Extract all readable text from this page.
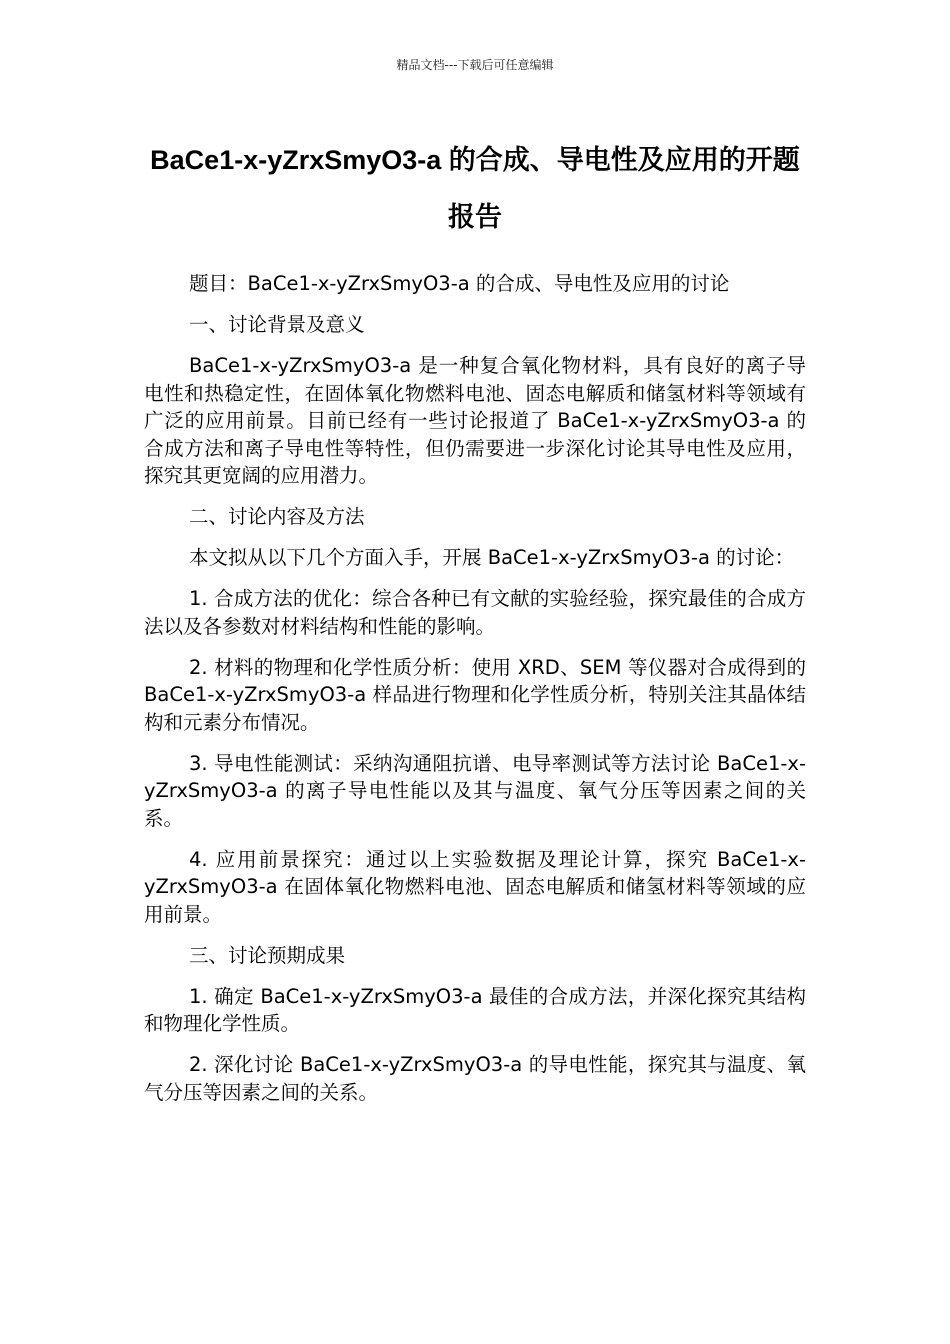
精品文档---下载后可任意编辑
BaCe1-x-yZrxSmyO3-a 的合成、导电性及应用的开题报告

题目：BaCe1-x-yZrxSmyO3-a 的合成、导电性及应用的讨论

一、讨论背景及意义

BaCe1-x-yZrxSmyO3-a 是一种复合氧化物材料，具有良好的离子导电性和热稳定性，在固体氧化物燃料电池、固态电解质和储氢材料等领域有广泛的应用前景。目前已经有一些讨论报道了 BaCe1-x-yZrxSmyO3-a 的合成方法和离子导电性等特性，但仍需要进一步深化讨论其导电性及应用，探究其更宽阔的应用潜力。

二、讨论内容及方法

本文拟从以下几个方面入手，开展 BaCe1-x-yZrxSmyO3-a 的讨论：

1. 合成方法的优化：综合各种已有文献的实验经验，探究最佳的合成方法以及各参数对材料结构和性能的影响。

2. 材料的物理和化学性质分析：使用 XRD、SEM 等仪器对合成得到的 BaCe1-x-yZrxSmyO3-a 样品进行物理和化学性质分析，特别关注其晶体结构和元素分布情况。

3. 导电性能测试：采纳沟通阻抗谱、电导率测试等方法讨论 BaCe1-x-yZrxSmyO3-a 的离子导电性能以及其与温度、氧气分压等因素之间的关系。

4. 应用前景探究：通过以上实验数据及理论计算，探究 BaCe1-x-yZrxSmyO3-a 在固体氧化物燃料电池、固态电解质和储氢材料等领域的应用前景。

三、讨论预期成果

1. 确定 BaCe1-x-yZrxSmyO3-a 最佳的合成方法，并深化探究其结构和物理化学性质。

2. 深化讨论 BaCe1-x-yZrxSmyO3-a 的导电性能，探究其与温度、氧气分压等因素之间的关系。
